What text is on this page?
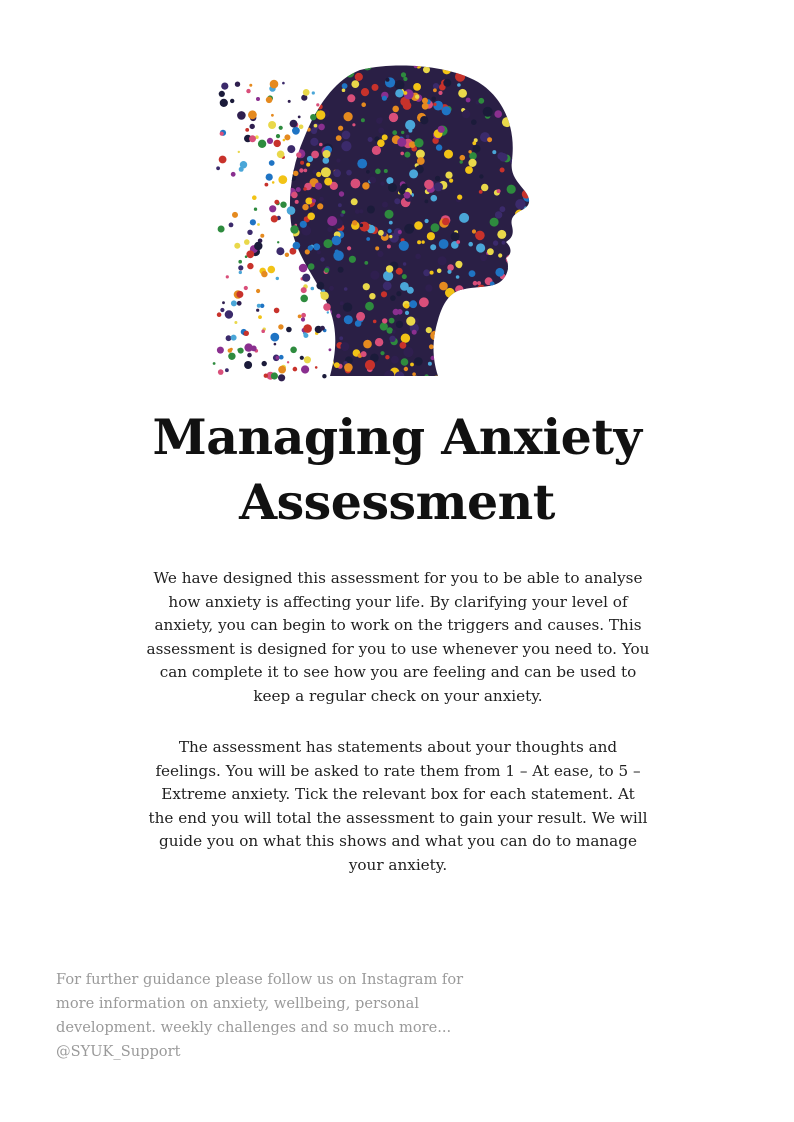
Managing Anxiety
Assessment

We have designed this assessment for you to be able to analyse
how anxiety is affecting your life. By clarifying your level of
anxiety, you can begin to work on the triggers and causes. This
assessment is designed for you to use whenever you need to. You
can complete it to see how you are feeling and can be used to
keep a regular check on your anxiety.

The assessment has statements about your thoughts and
feelings. You will be asked to rate them from 1 – At ease, to 5 –
Extreme anxiety. Tick the relevant box for each statement. At
the end you will total the assessment to gain your result. We will
guide you on what this shows and what you can do to manage
your anxiety.

For further guidance please follow us on Instagram for
more information on anxiety, wellbeing, personal
development. weekly challenges and so much more...
@SYUK_Support
